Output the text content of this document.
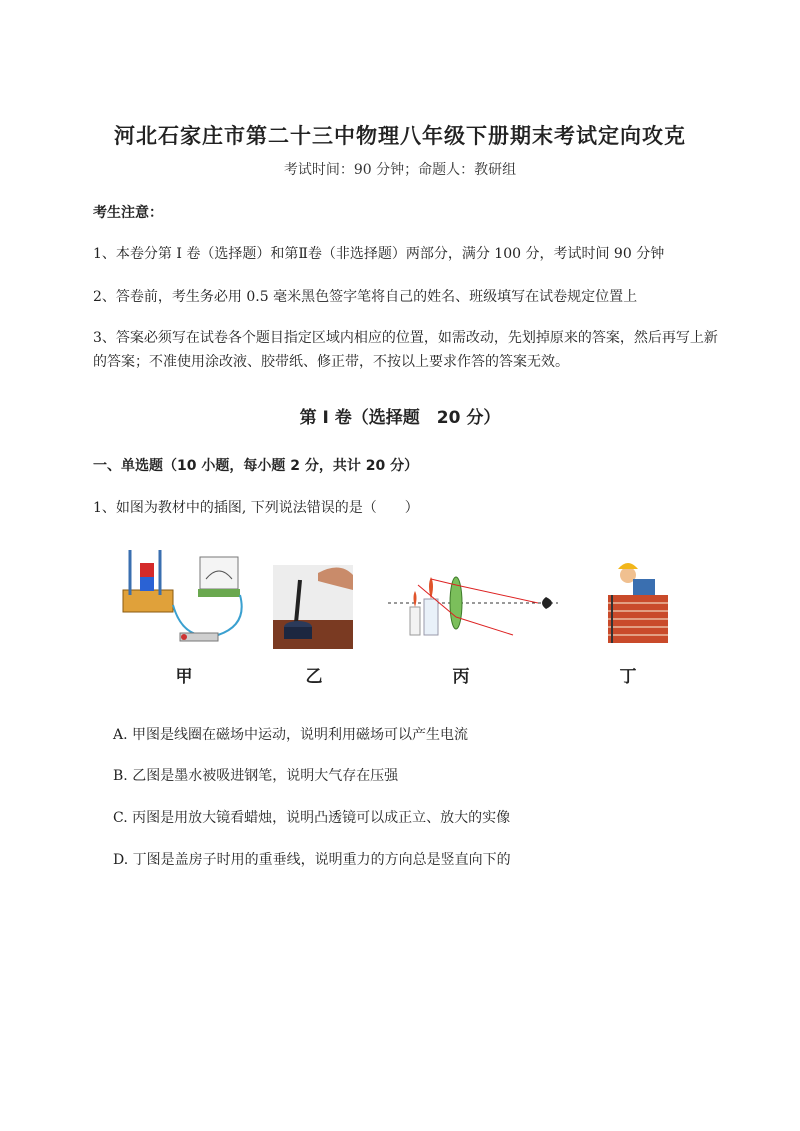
河北石家庄市第二十三中物理八年级下册期末考试定向攻克
考试时间：90 分钟；命题人：教研组
考生注意：
1、本卷分第 I 卷（选择题）和第Ⅱ卷（非选择题）两部分，满分 100 分，考试时间 90 分钟
2、答卷前，考生务必用 0.5 毫米黑色签字笔将自己的姓名、班级填写在试卷规定位置上
3、答案必须写在试卷各个题目指定区域内相应的位置，如需改动，先划掉原来的答案，然后再写上新的答案；不准使用涂改液、胶带纸、修正带，不按以上要求作答的答案无效。
第 I 卷（选择题　20 分）
一、单选题（10 小题，每小题 2 分，共计 20 分）
1、如图为教材中的插图, 下列说法错误的是（　　）
甲	乙	丙	丁
A. 甲图是线圈在磁场中运动，说明利用磁场可以产生电流
B. 乙图是墨水被吸进钢笔，说明大气存在压强
C. 丙图是用放大镜看蜡烛，说明凸透镜可以成正立、放大的实像
D. 丁图是盖房子时用的重垂线，说明重力的方向总是竖直向下的
